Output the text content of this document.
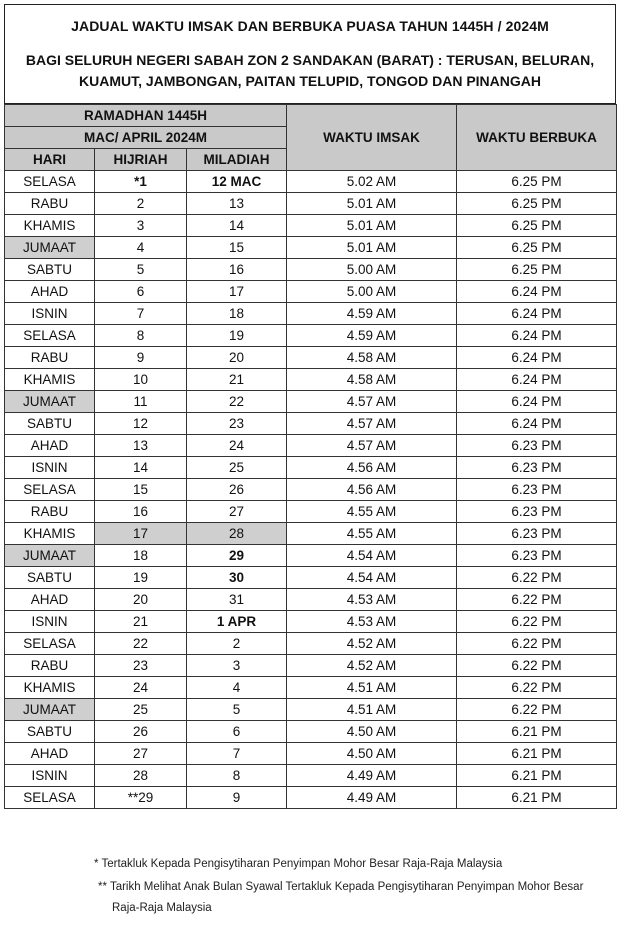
JADUAL WAKTU IMSAK DAN BERBUKA PUASA TAHUN 1445H / 2024M
BAGI SELURUH NEGERI SABAH ZON 2 SANDAKAN (BARAT) : TERUSAN, BELURAN, KUAMUT, JAMBONGAN, PAITAN TELUPID, TONGOD DAN PINANGAH
RAMADHAN 1445H			WAKTU IMSAK	WAKTU BERBUKA
MAC/ APRIL 2024M				
HARI	HIJRIAH	MILADIAH		
SELASA	*1	12 MAC	5.02 AM	6.25 PM
RABU	2	13	5.01 AM	6.25 PM
KHAMIS	3	14	5.01 AM	6.25 PM
JUMAAT	4	15	5.01 AM	6.25 PM
SABTU	5	16	5.00 AM	6.25 PM
AHAD	6	17	5.00 AM	6.24 PM
ISNIN	7	18	4.59 AM	6.24 PM
SELASA	8	19	4.59 AM	6.24 PM
RABU	9	20	4.58 AM	6.24 PM
KHAMIS	10	21	4.58 AM	6.24 PM
JUMAAT	11	22	4.57 AM	6.24 PM
SABTU	12	23	4.57 AM	6.24 PM
AHAD	13	24	4.57 AM	6.23 PM
ISNIN	14	25	4.56 AM	6.23 PM
SELASA	15	26	4.56 AM	6.23 PM
RABU	16	27	4.55 AM	6.23 PM
KHAMIS	17	28	4.55 AM	6.23 PM
JUMAAT	18	29	4.54 AM	6.23 PM
SABTU	19	30	4.54 AM	6.22 PM
AHAD	20	31	4.53 AM	6.22 PM
ISNIN	21	1 APR	4.53 AM	6.22 PM
SELASA	22	2	4.52 AM	6.22 PM
RABU	23	3	4.52 AM	6.22 PM
KHAMIS	24	4	4.51 AM	6.22 PM
JUMAAT	25	5	4.51 AM	6.22 PM
SABTU	26	6	4.50 AM	6.21 PM
AHAD	27	7	4.50 AM	6.21 PM
ISNIN	28	8	4.49 AM	6.21 PM
SELASA	**29	9	4.49 AM	6.21 PM
* Tertakluk Kepada Pengisytiharan Penyimpan Mohor Besar Raja-Raja Malaysia
** Tarikh Melihat Anak Bulan Syawal Tertakluk Kepada Pengisytiharan Penyimpan Mohor Besar
Raja-Raja Malaysia
